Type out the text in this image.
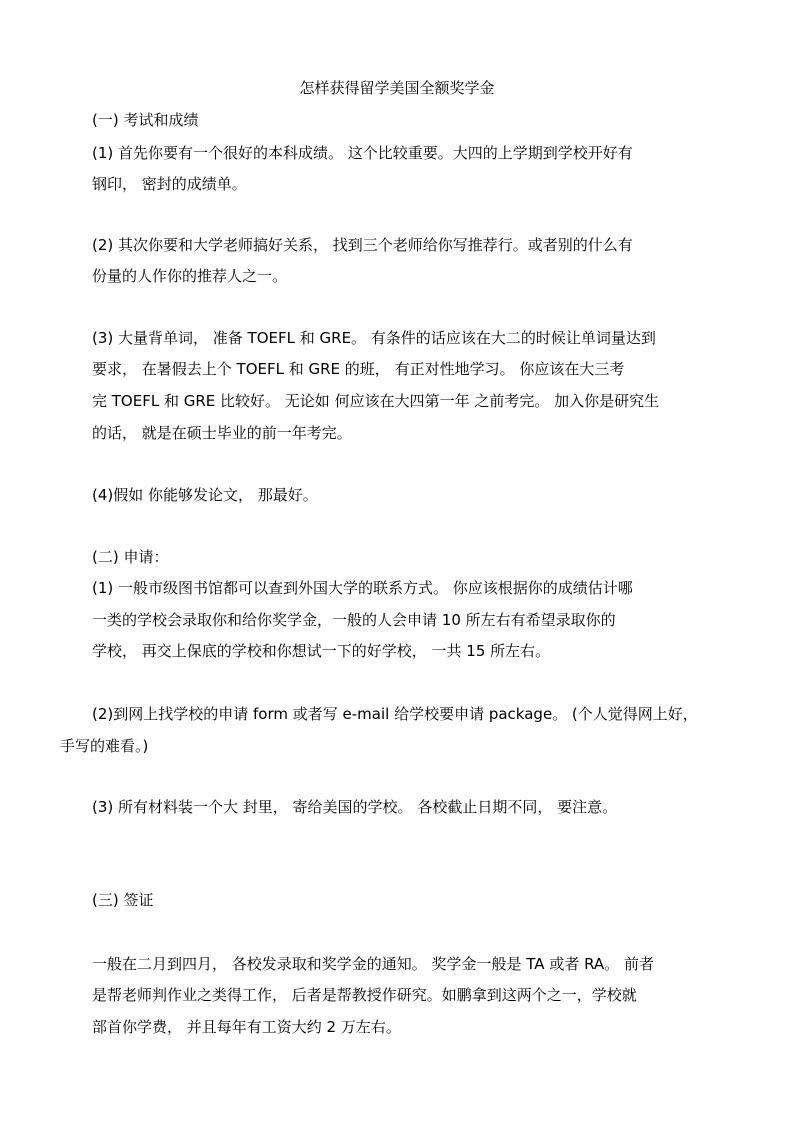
怎样获得留学美国全额奖学金
(一) 考试和成绩
(1) 首先你要有一个很好的本科成绩。 这个比较重要。大四的上学期到学校开好有
钢印， 密封的成绩单。
(2) 其次你要和大学老师搞好关系， 找到三个老师给你写推荐行。或者别的什么有
份量的人作你的推荐人之一。
(3) 大量背单词， 准备 TOEFL 和 GRE。 有条件的话应该在大二的时候让单词量达到
要求， 在暑假去上个 TOEFL 和 GRE 的班， 有正对性地学习。 你应该在大三考
完 TOEFL 和 GRE 比较好。 无论如 何应该在大四第一年 之前考完。 加入你是研究生
的话， 就是在硕士毕业的前一年考完。
(4)假如 你能够发论文， 那最好。
(二) 申请：
(1) 一般市级图书馆都可以查到外国大学的联系方式。 你应该根据你的成绩估计哪
一类的学校会录取你和给你奖学金，一般的人会申请 10 所左右有希望录取你的
学校， 再交上保底的学校和你想试一下的好学校， 一共 15 所左右。
(2)到网上找学校的申请 form 或者写 e-mail 给学校要申请 package。 (个人觉得网上好，
手写的难看。)
(3) 所有材料装一个大 封里， 寄给美国的学校。 各校截止日期不同， 要注意。
(三) 签证
一般在二月到四月， 各校发录取和奖学金的通知。 奖学金一般是 TA 或者 RA。 前者
是帮老师判作业之类得工作， 后者是帮教授作研究。如鹏拿到这两个之一，学校就
部首你学费， 并且每年有工资大约 2 万左右。
